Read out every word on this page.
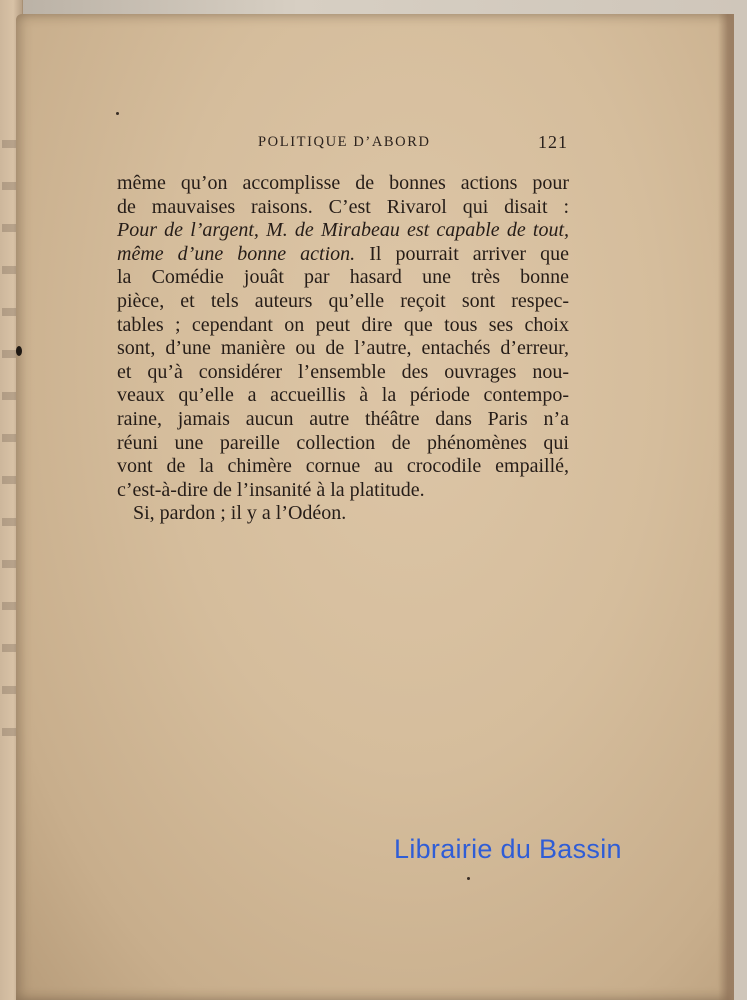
POLITIQUE D’ABORD	121
même qu’on accomplisse de bonnes actions pour
de mauvaises raisons. C’est Rivarol qui disait :
Pour de l’argent, M. de Mirabeau est capable de tout,
même d’une bonne action. Il pourrait arriver que
la Comédie jouât par hasard une très bonne
pièce, et tels auteurs qu’elle reçoit sont respec-
tables ; cependant on peut dire que tous ses choix
sont, d’une manière ou de l’autre, entachés d’erreur,
et qu’à considérer l’ensemble des ouvrages nou-
veaux qu’elle a accueillis à la période contempo-
raine, jamais aucun autre théâtre dans Paris n’a
réuni une pareille collection de phénomènes qui
vont de la chimère cornue au crocodile empaillé,
c’est-à-dire de l’insanité à la platitude.
Si, pardon ; il y a l’Odéon.
Librairie du Bassin
